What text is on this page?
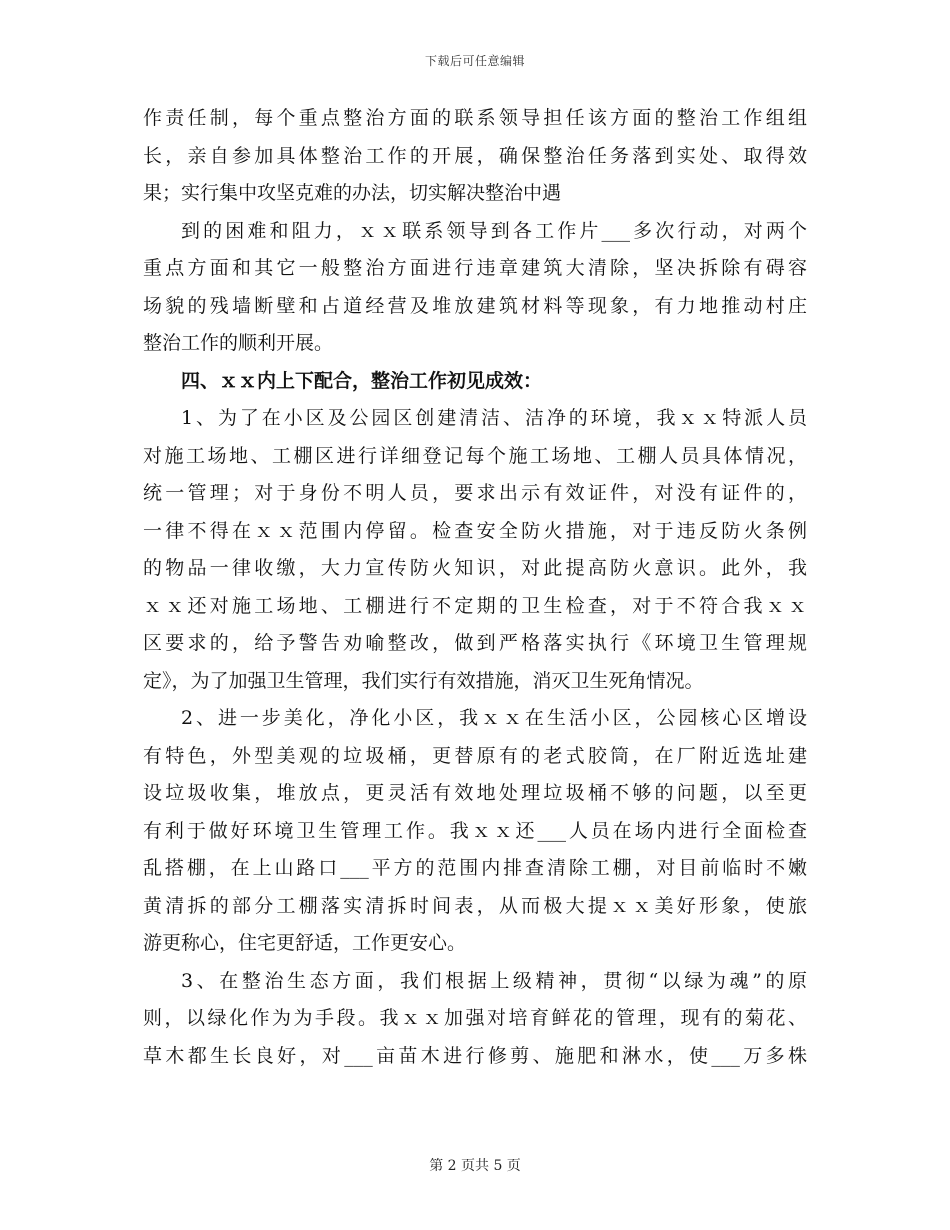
下载后可任意编辑
作责任制，每个重点整治方面的联系领导担任该方面的整治工作组组
长，亲自参加具体整治工作的开展，确保整治任务落到实处、取得效
果；实行集中攻坚克难的办法，切实解决整治中遇
到的困难和阻力，ｘｘ联系领导到各工作片___多次行动，对两个
重点方面和其它一般整治方面进行违章建筑大清除，坚决拆除有碍容
场貌的残墙断壁和占道经营及堆放建筑材料等现象，有力地推动村庄
整治工作的顺利开展。
四、ｘｘ内上下配合，整治工作初见成效：
1、为了在小区及公园区创建清洁、洁净的环境，我ｘｘ特派人员
对施工场地、工棚区进行详细登记每个施工场地、工棚人员具体情况，
统一管理；对于身份不明人员，要求出示有效证件，对没有证件的，
一律不得在ｘｘ范围内停留。检查安全防火措施，对于违反防火条例
的物品一律收缴，大力宣传防火知识，对此提高防火意识。此外，我
ｘｘ还对施工场地、工棚进行不定期的卫生检查，对于不符合我ｘｘ
区要求的，给予警告劝喻整改，做到严格落实执行《环境卫生管理规
定》，为了加强卫生管理，我们实行有效措施，消灭卫生死角情况。
2、进一步美化，净化小区，我ｘｘ在生活小区，公园核心区增设
有特色，外型美观的垃圾桶，更替原有的老式胶筒，在厂附近选址建
设垃圾收集，堆放点，更灵活有效地处理垃圾桶不够的问题，以至更
有利于做好环境卫生管理工作。我ｘｘ还___人员在场内进行全面检查
乱搭棚，在上山路口___平方的范围内排查清除工棚，对目前临时不嫩
黄清拆的部分工棚落实清拆时间表，从而极大提ｘｘ美好形象，使旅
游更称心，住宅更舒适，工作更安心。
3、在整治生态方面，我们根据上级精神，贯彻“以绿为魂”的原
则，以绿化作为为手段。我ｘｘ加强对培育鲜花的管理，现有的菊花、
草木都生长良好，对___亩苗木进行修剪、施肥和淋水，使___万多株
第 2 页共 5 页
